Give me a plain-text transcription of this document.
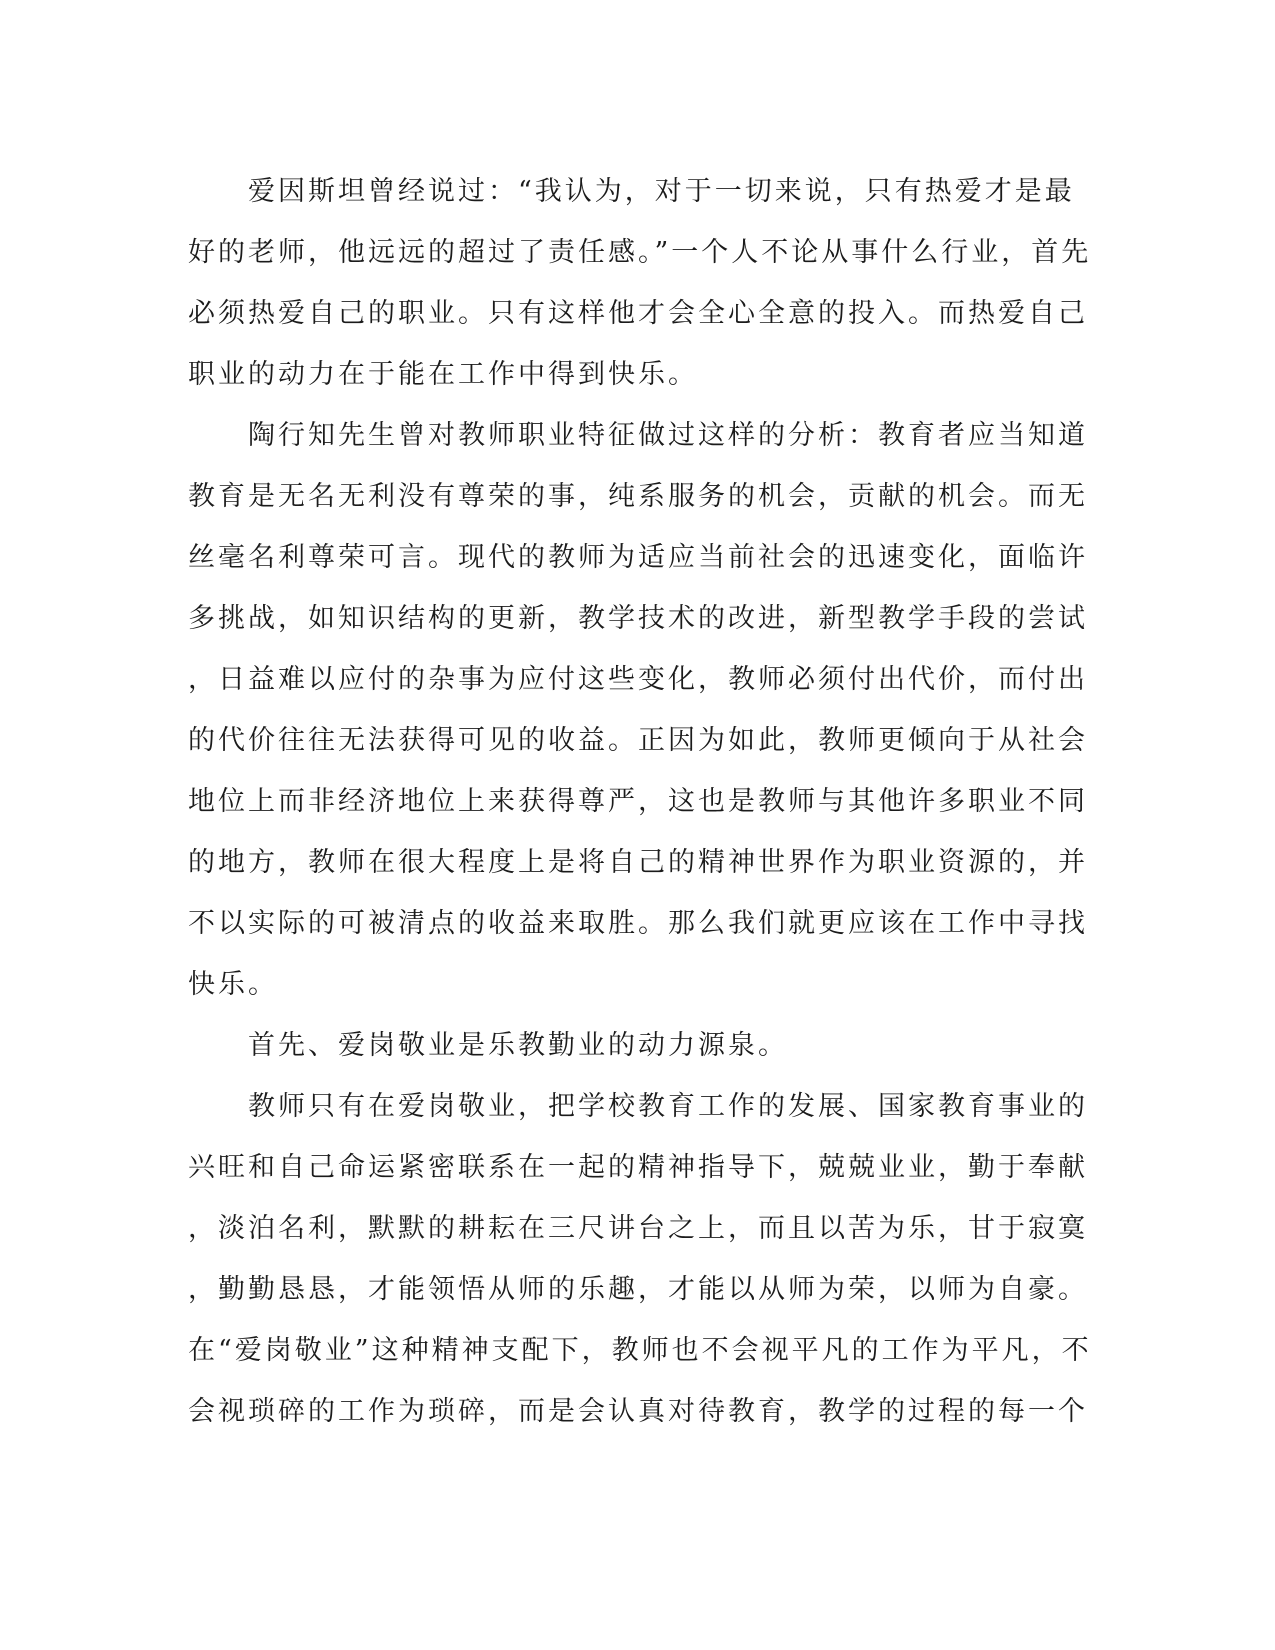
爱因斯坦曾经说过：“我认为，对于一切来说，只有热爱才是最
好的老师，他远远的超过了责任感。”一个人不论从事什么行业，首先
必须热爱自己的职业。只有这样他才会全心全意的投入。而热爱自己
职业的动力在于能在工作中得到快乐。

陶行知先生曾对教师职业特征做过这样的分析：教育者应当知道
教育是无名无利没有尊荣的事，纯系服务的机会，贡献的机会。而无
丝毫名利尊荣可言。现代的教师为适应当前社会的迅速变化，面临许
多挑战，如知识结构的更新，教学技术的改进，新型教学手段的尝试
，日益难以应付的杂事为应付这些变化，教师必须付出代价，而付出
的代价往往无法获得可见的收益。正因为如此，教师更倾向于从社会
地位上而非经济地位上来获得尊严，这也是教师与其他许多职业不同
的地方，教师在很大程度上是将自己的精神世界作为职业资源的，并
不以实际的可被清点的收益来取胜。那么我们就更应该在工作中寻找
快乐。

首先、爱岗敬业是乐教勤业的动力源泉。

教师只有在爱岗敬业，把学校教育工作的发展、国家教育事业的
兴旺和自己命运紧密联系在一起的精神指导下，兢兢业业，勤于奉献
，淡泊名利，默默的耕耘在三尺讲台之上，而且以苦为乐，甘于寂寞
，勤勤恳恳，才能领悟从师的乐趣，才能以从师为荣，以师为自豪。
在“爱岗敬业”这种精神支配下，教师也不会视平凡的工作为平凡，不
会视琐碎的工作为琐碎，而是会认真对待教育，教学的过程的每一个
